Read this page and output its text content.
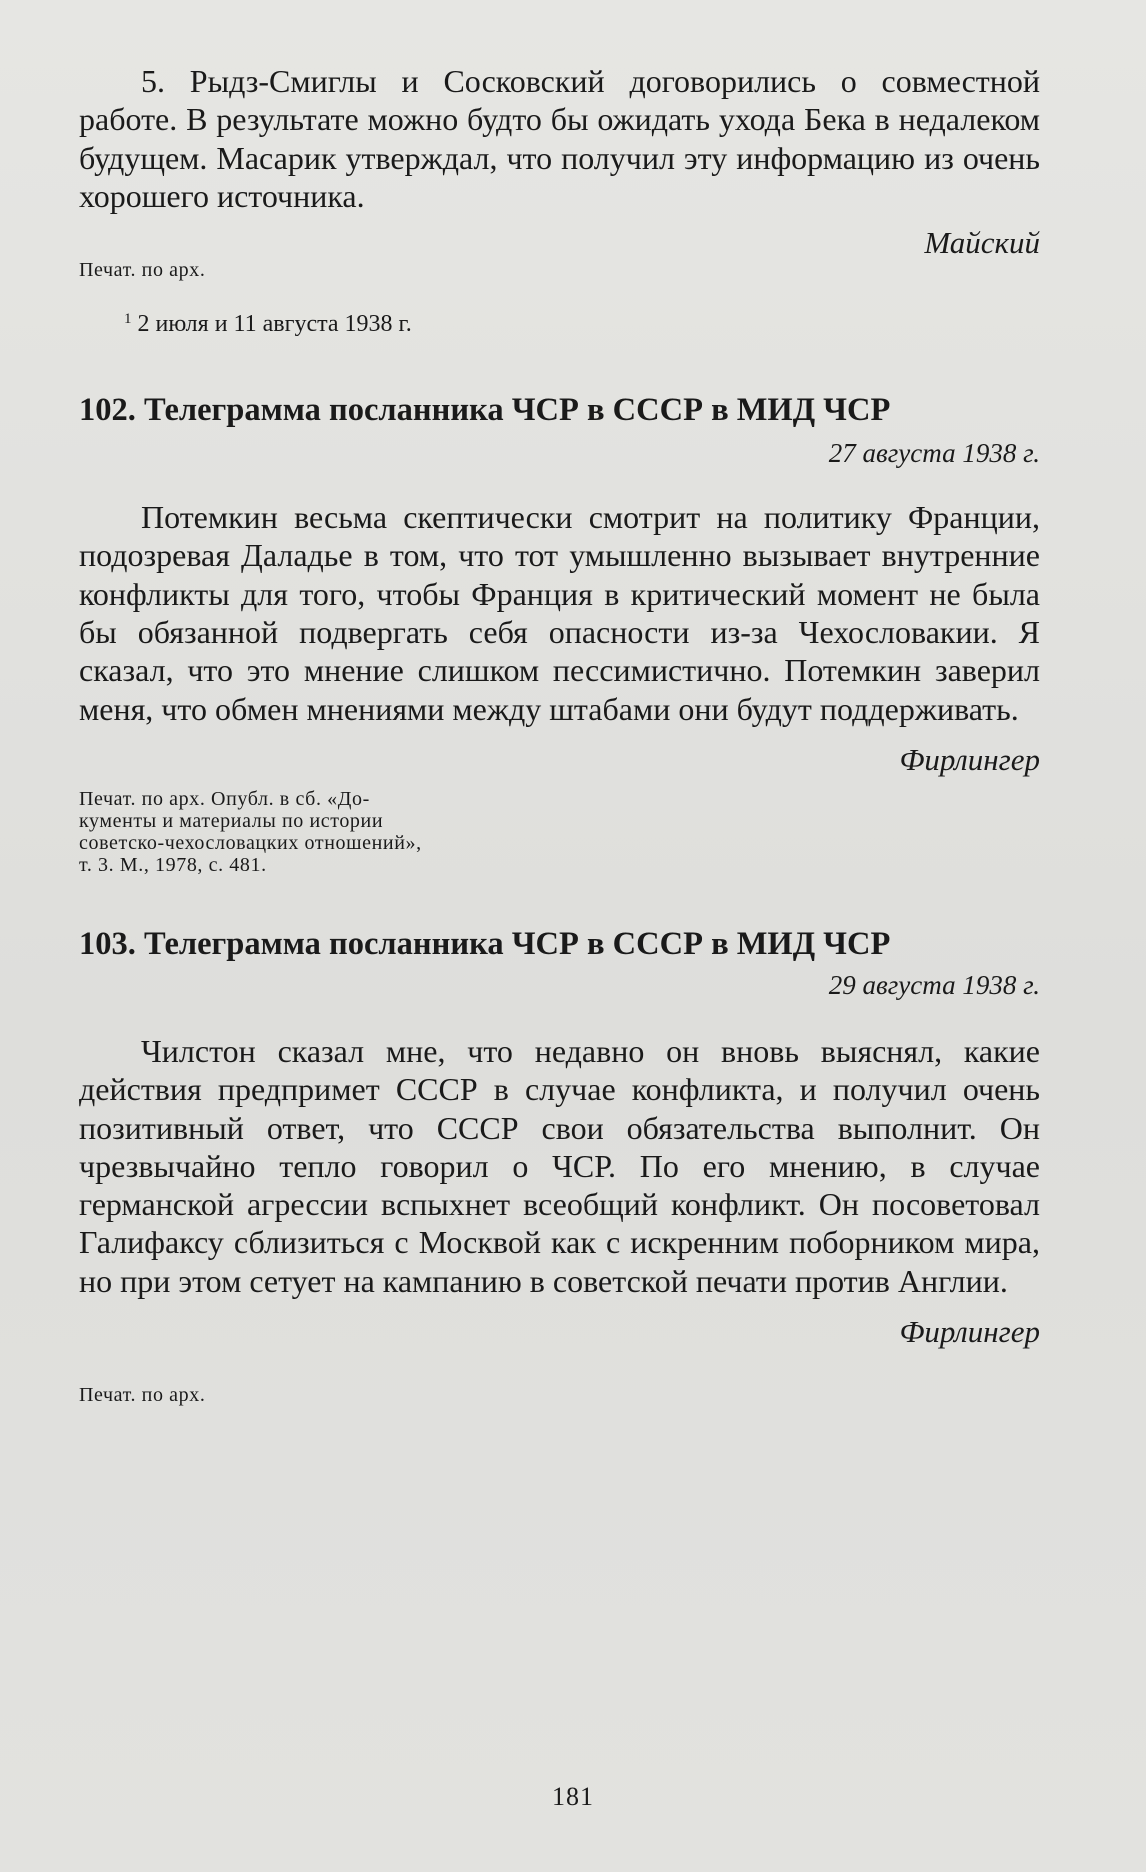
5. Рыдз-Смиглы и Сосковский договорились о совместной работе. В результате можно будто бы ожидать ухода Бека в недалеком будущем. Масарик утверждал, что получил эту информацию из очень хорошего источника.

Майский

Печат. по арх.

$^1$ 2 июля и 11 августа 1938 г.

102. Телеграмма посланника ЧСР в СССР в МИД ЧСР

27 августа 1938 г.

Потемкин весьма скептически смотрит на политику Франции, подозревая Даладье в том, что тот умышленно вызывает внутренние конфликты для того, чтобы Франция в критический момент не была бы обязанной подвергать себя опасности из-за Чехословакии. Я сказал, что это мнение слишком пессимистично. Потемкин заверил меня, что обмен мнениями между штабами они будут поддерживать.

Фирлингер

Печат. по арх. Опубл. в сб. «До-
кументы и материалы по истории
советско-чехословацких отношений»,
т. 3. М., 1978, с. 481.
103. Телеграмма посланника ЧСР в СССР в МИД ЧСР

29 августа 1938 г.

Чилстон сказал мне, что недавно он вновь выяснял, какие действия предпримет СССР в случае конфликта, и получил очень позитивный ответ, что СССР свои обязательства выполнит. Он чрезвычайно тепло говорил о ЧСР. По его мнению, в случае германской агрессии вспыхнет всеобщий конфликт. Он посоветовал Галифаксу сблизиться с Москвой как с искренним поборником мира, но при этом сетует на кампанию в советской печати против Англии.

Фирлингер

Печат. по арх.

181
